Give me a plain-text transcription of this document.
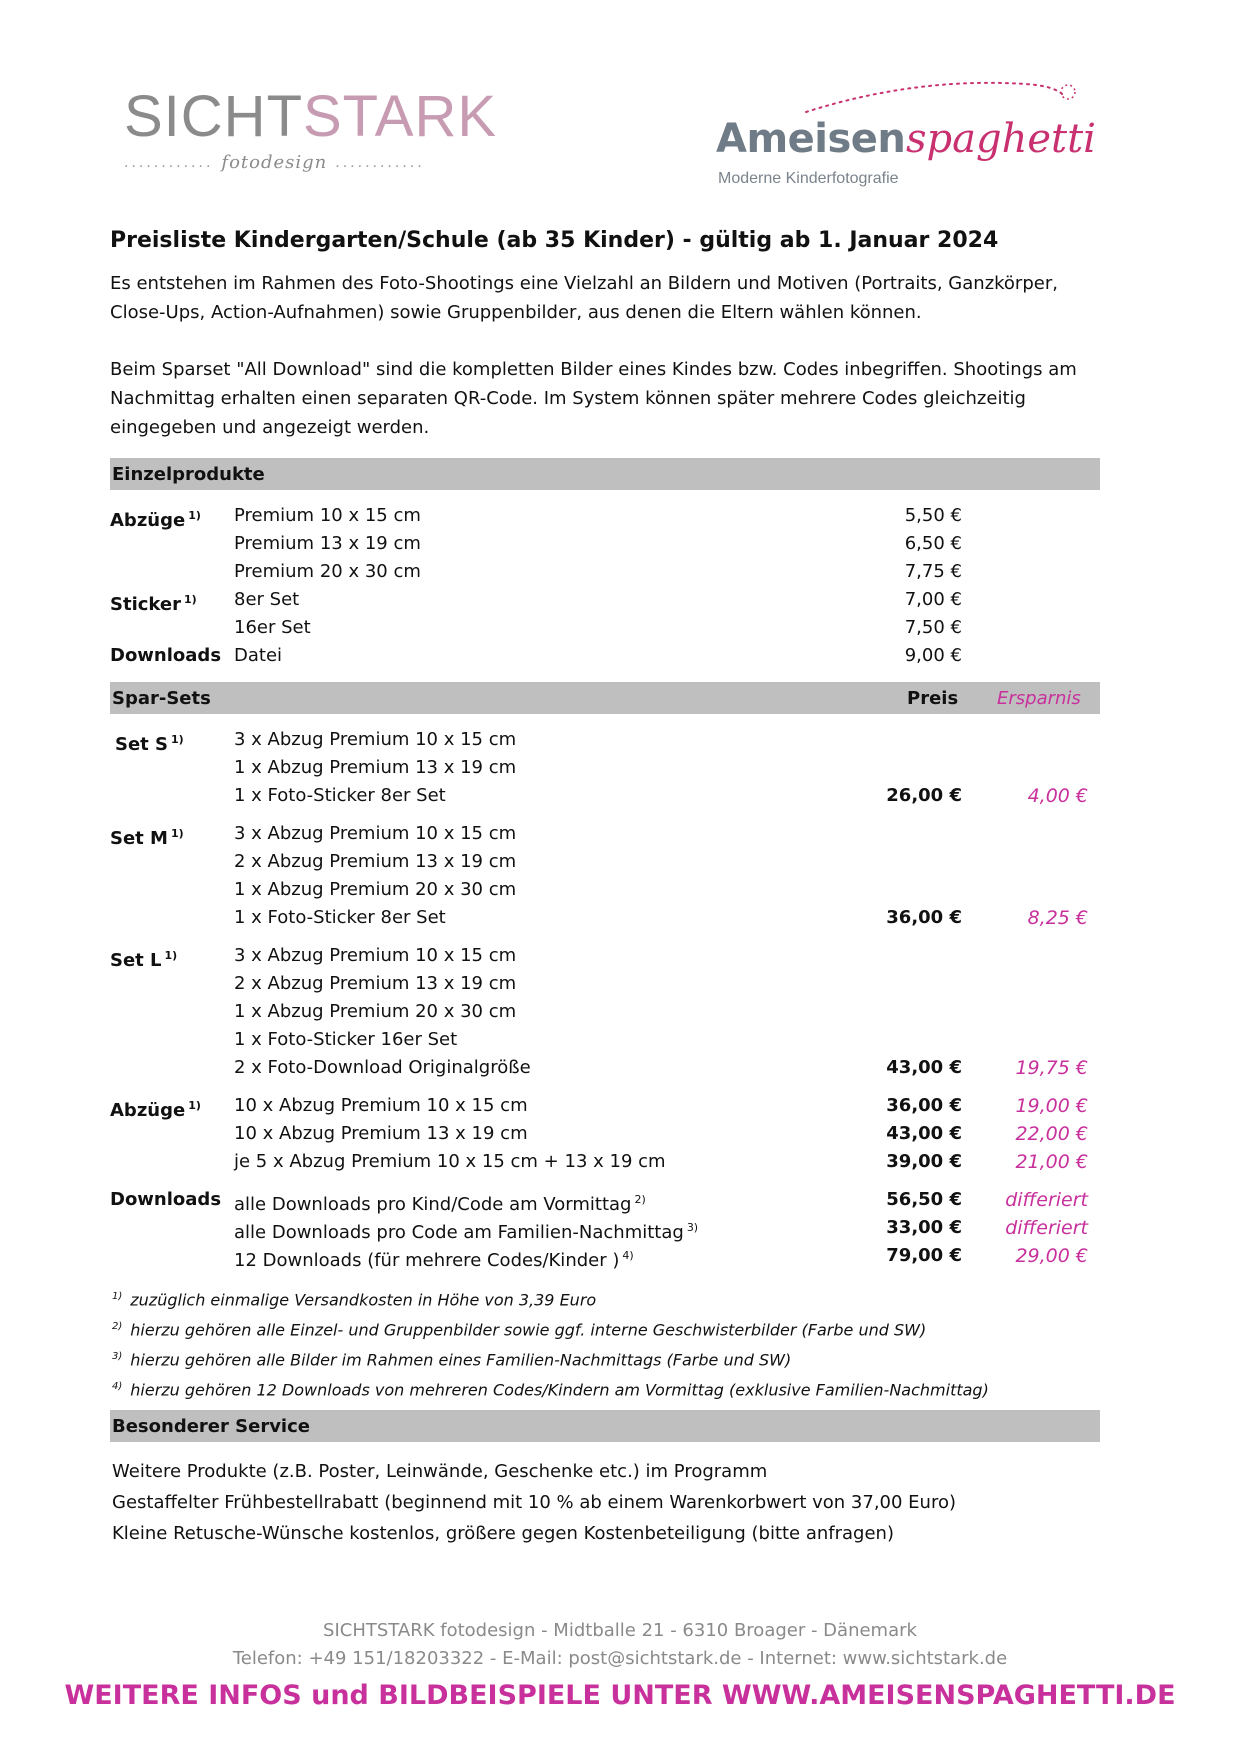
SICHTSTARK
............ fotodesign ............
Ameisen spaghetti
Moderne Kinderfotografie
Preisliste Kindergarten/Schule (ab 35 Kinder) - gültig ab 1. Januar 2024
Es entstehen im Rahmen des Foto-Shootings eine Vielzahl an Bildern und Motiven (Portraits, Ganzkörper, Close-Ups, Action-Aufnahmen) sowie Gruppenbilder, aus denen die Eltern wählen können.
Beim Sparset "All Download" sind die kompletten Bilder eines Kindes bzw. Codes inbegriffen. Shootings am Nachmittag erhalten einen separaten QR-Code. Im System können später mehrere Codes gleichzeitig eingegeben und angezeigt werden.
Einzelprodukte
Abzüge $^{1)}$ Premium 10 x 15 cm	5,50 €
Premium 13 x 19 cm	6,50 €
Premium 20 x 30 cm	7,75 €
Sticker $^{1)}$ 8er Set	7,00 €
16er Set	7,50 €
Downloads Datei	9,00 €
Spar-Sets	Preis Ersparnis
Set S $^{1)}$	3 x Abzug Premium 10 x 15 cm
1 x Abzug Premium 13 x 19 cm
1 x Foto-Sticker 8er Set	26,00 €	4,00 €
Set M $^{1)}$	3 x Abzug Premium 10 x 15 cm
2 x Abzug Premium 13 x 19 cm
1 x Abzug Premium 20 x 30 cm
1 x Foto-Sticker 8er Set	36,00 €	8,25 €
Set L $^{1)}$	3 x Abzug Premium 10 x 15 cm
2 x Abzug Premium 13 x 19 cm
1 x Abzug Premium 20 x 30 cm
1 x Foto-Sticker 16er Set
2 x Foto-Download Originalgröße	43,00 €	19,75 €
Abzüge $^{1)}$ 10 x Abzug Premium 10 x 15 cm	36,00 €	19,00 €
10 x Abzug Premium 13 x 19 cm	43,00 €	22,00 €
je 5 x Abzug Premium 10 x 15 cm + 13 x 19 cm	39,00 €	21,00 €
Downloads alle Downloads pro Kind/Code am Vormittag $^{2)}$	56,50 € differiert
alle Downloads pro Code am Familien-Nachmittag $^{3)}$	33,00 € differiert
12 Downloads (für mehrere Codes/Kinder ) $^{4)}$	79,00 €	29,00 €
$^{1)}$ zuzüglich einmalige Versandkosten in Höhe von 3,39 Euro
$^{2)}$ hierzu gehören alle Einzel- und Gruppenbilder sowie ggf. interne Geschwisterbilder (Farbe und SW)
$^{3)}$ hierzu gehören alle Bilder im Rahmen eines Familien-Nachmittags (Farbe und SW)
$^{4)}$ hierzu gehören 12 Downloads von mehreren Codes/Kindern am Vormittag (exklusive Familien-Nachmittag)
Besonderer Service
Weitere Produkte (z.B. Poster, Leinwände, Geschenke etc.) im Programm
Gestaffelter Frühbestellrabatt (beginnend mit 10 % ab einem Warenkorbwert von 37,00 Euro)
Kleine Retusche-Wünsche kostenlos, größere gegen Kostenbeteiligung (bitte anfragen)
SICHTSTARK fotodesign - Midtballe 21 - 6310 Broager - Dänemark
Telefon: +49 151/18203322 - E-Mail: post@sichtstark.de - Internet: www.sichtstark.de
WEITERE INFOS und BILDBEISPIELE UNTER WWW.AMEISENSPAGHETTI.DE
